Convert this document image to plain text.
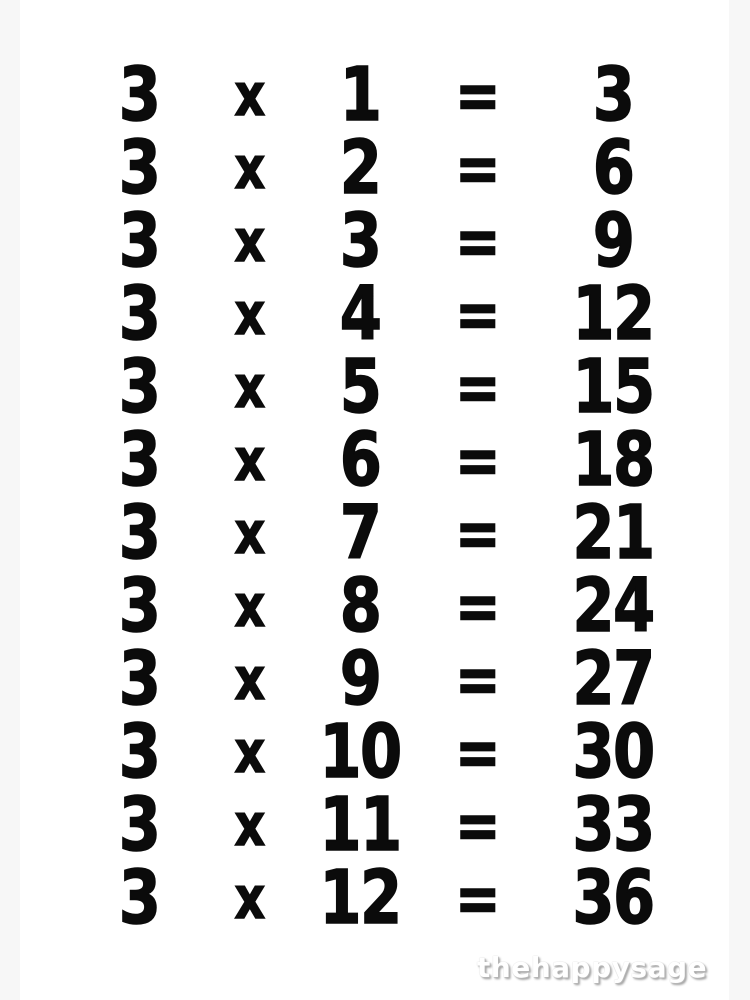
3	x	1	=	3
3	x	2	=	6
3	x	3	=	9
3	x	4	= 12
3	x	5	= 15
3	x	6	= 18
3	x	7	= 21
3	x	8	= 24
3	x	9	= 27
3	x 10 = 30
3	x 11 = 33
3	x 12 = 36
thehappysage
